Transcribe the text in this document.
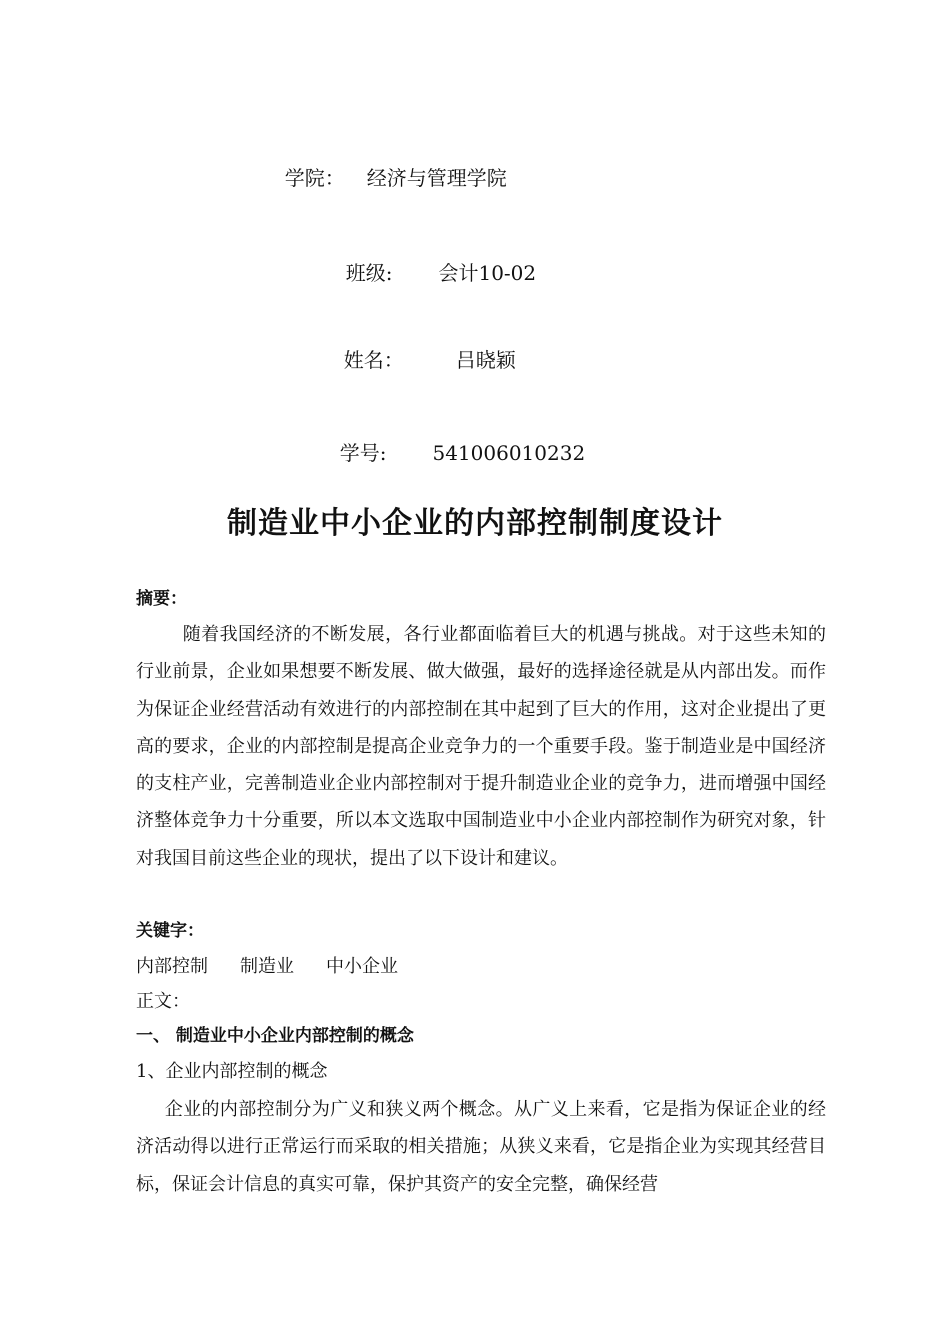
学院： 经济与管理学院

班级: 会计10-02

姓名：	吕晓颖

学号: 541006010232

制造业中小企业的内部控制制度设计
摘要：
随着我国经济的不断发展，各行业都面临着巨大的机遇与挑战。对于这些未知的行业前景，企业如果想要不断发展、做大做强，最好的选择途径就是从内部出发。而作为保证企业经营活动有效进行的内部控制在其中起到了巨大的作用，这对企业提出了更高的要求，企业的内部控制是提高企业竞争力的一个重要手段。鉴于制造业是中国经济的支柱产业，完善制造业企业内部控制对于提升制造业企业的竞争力，进而增强中国经济整体竞争力十分重要，所以本文选取中国制造业中小企业内部控制作为研究对象，针对我国目前这些企业的现状，提出了以下设计和建议。
关键字：
内部控制 制造业 中小企业
正文：
一、 制造业中小企业内部控制的概念
1、企业内部控制的概念
企业的内部控制分为广义和狭义两个概念。从广义上来看，它是指为保证企业的经济活动得以进行正常运行而采取的相关措施；从狭义来看，它是指企业为实现其经营目标，保证会计信息的真实可靠，保护其资产的安全完整，确保经营
